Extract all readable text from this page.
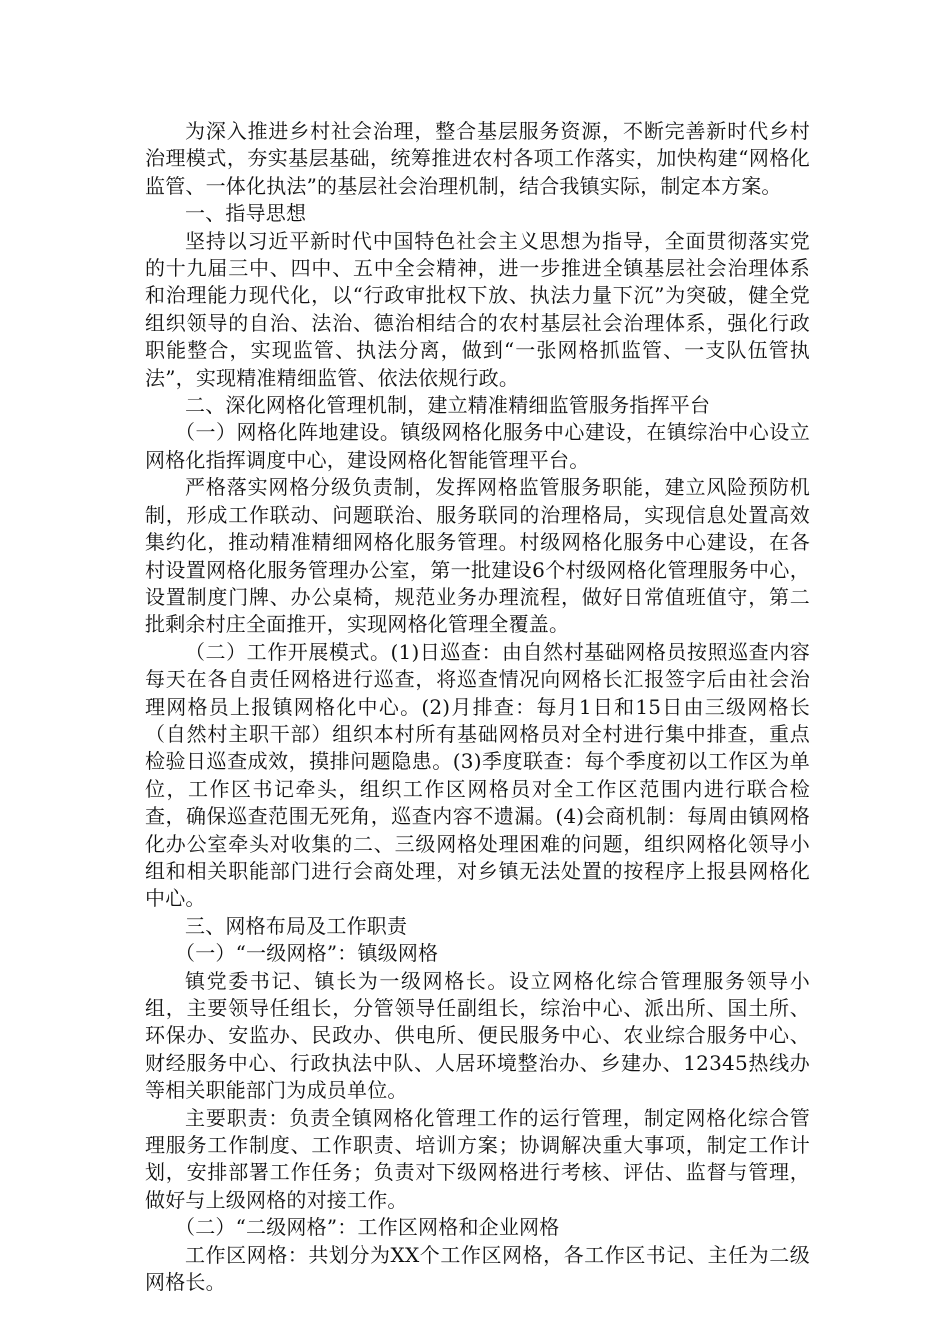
为深入推进乡村社会治理，整合基层服务资源，不断完善新时代乡村治理模式，夯实基层基础，统筹推进农村各项工作落实，加快构建“网格化监管、一体化执法”的基层社会治理机制，结合我镇实际，制定本方案。

一、指导思想

坚持以习近平新时代中国特色社会主义思想为指导，全面贯彻落实党的十九届三中、四中、五中全会精神，进一步推进全镇基层社会治理体系和治理能力现代化，以“行政审批权下放、执法力量下沉”为突破，健全党组织领导的自治、法治、德治相结合的农村基层社会治理体系，强化行政职能整合，实现监管、执法分离，做到“一张网格抓监管、一支队伍管执法”，实现精准精细监管、依法依规行政。

二、深化网格化管理机制，建立精准精细监管服务指挥平台

（一）网格化阵地建设。镇级网格化服务中心建设，在镇综治中心设立网格化指挥调度中心，建设网格化智能管理平台。

严格落实网格分级负责制，发挥网格监管服务职能，建立风险预防机制，形成工作联动、问题联治、服务联同的治理格局，实现信息处置高效集约化，推动精准精细网格化服务管理。村级网格化服务中心建设，在各村设置网格化服务管理办公室，第一批建设6个村级网格化管理服务中心，设置制度门牌、办公桌椅，规范业务办理流程，做好日常值班值守，第二批剩余村庄全面推开，实现网格化管理全覆盖。

（二）工作开展模式。(1)日巡查：由自然村基础网格员按照巡查内容每天在各自责任网格进行巡查，将巡查情况向网格长汇报签字后由社会治理网格员上报镇网格化中心。(2)月排查：每月1日和15日由三级网格长（自然村主职干部）组织本村所有基础网格员对全村进行集中排查，重点检验日巡查成效，摸排问题隐患。(3)季度联查：每个季度初以工作区为单位，工作区书记牵头，组织工作区网格员对全工作区范围内进行联合检查，确保巡查范围无死角，巡查内容不遗漏。(4)会商机制：每周由镇网格化办公室牵头对收集的二、三级网格处理困难的问题，组织网格化领导小组和相关职能部门进行会商处理，对乡镇无法处置的按程序上报县网格化中心。

三、网格布局及工作职责

（一）“一级网格”：镇级网格

镇党委书记、镇长为一级网格长。设立网格化综合管理服务领导小组，主要领导任组长，分管领导任副组长，综治中心、派出所、国土所、环保办、安监办、民政办、供电所、便民服务中心、农业综合服务中心、财经服务中心、行政执法中队、人居环境整治办、乡建办、12345热线办等相关职能部门为成员单位。

主要职责：负责全镇网格化管理工作的运行管理，制定网格化综合管理服务工作制度、工作职责、培训方案；协调解决重大事项，制定工作计划，安排部署工作任务；负责对下级网格进行考核、评估、监督与管理，做好与上级网格的对接工作。

（二）“二级网格”：工作区网格和企业网格

工作区网格：共划分为XX个工作区网格，各工作区书记、主任为二级网格长。
